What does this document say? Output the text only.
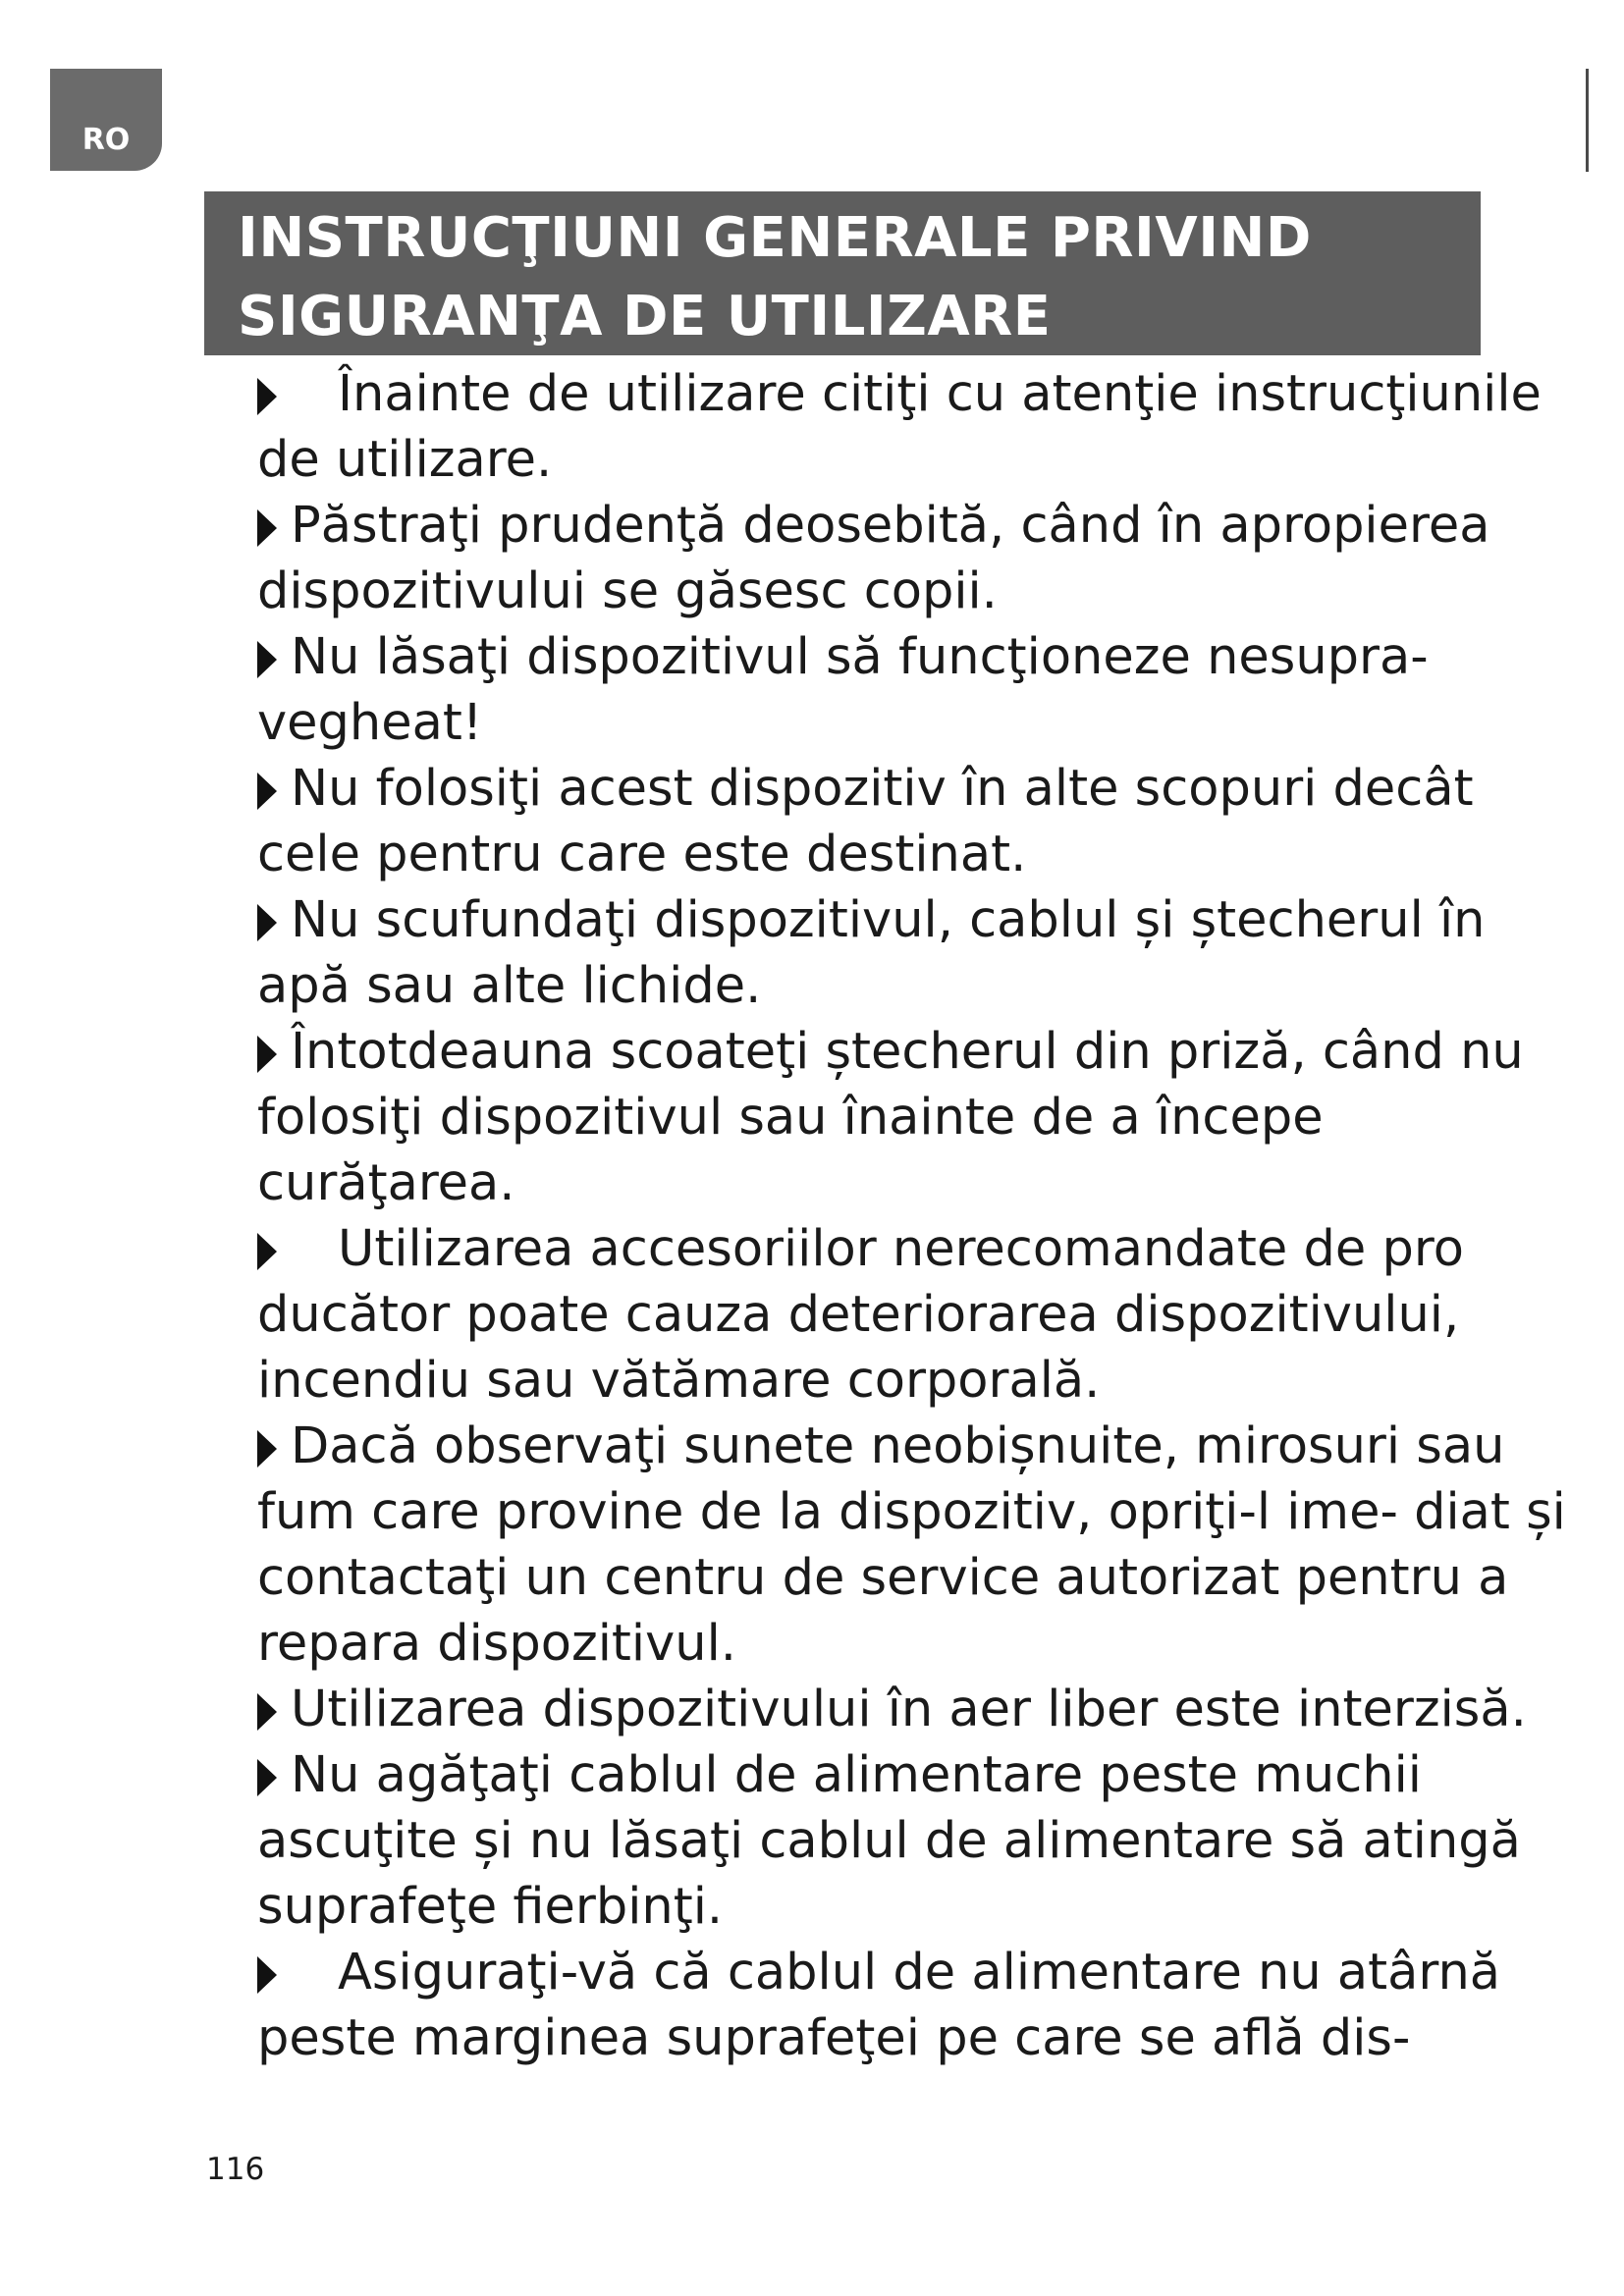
RO
INSTRUCŢIUNI GENERALE PRIVIND
SIGURANŢA DE UTILIZARE

Înainte de utilizare citiţi cu atenţie instrucţiunile de utilizare.

Păstraţi prudenţă deosebită, când în apropierea dispozitivului se găsesc copii.

Nu lăsaţi dispozitivul să funcţioneze nesupra- vegheat!

Nu folosiţi acest dispozitiv în alte scopuri decât cele pentru care este destinat.

Nu scufundaţi dispozitivul, cablul și ștecherul în apă sau alte lichide.

Întotdeauna scoateţi ștecherul din priză, când nu folosiţi dispozitivul sau înainte de a începe curăţarea.

Utilizarea accesoriilor nerecomandate de pro ducător poate cauza deteriorarea dispozitivului, incendiu sau vătămare corporală.

Dacă observaţi sunete neobișnuite, mirosuri sau fum care provine de la dispozitiv, opriţi-l ime- diat și contactaţi un centru de service autorizat pentru a repara dispozitivul.

Utilizarea dispozitivului în aer liber este interzisă.

Nu agăţaţi cablul de alimentare peste muchii ascuţite și nu lăsaţi cablul de alimentare să atingă suprafeţe fierbinţi.

Asiguraţi-vă că cablul de alimentare nu atârnă peste marginea suprafeţei pe care se află dis-

116
